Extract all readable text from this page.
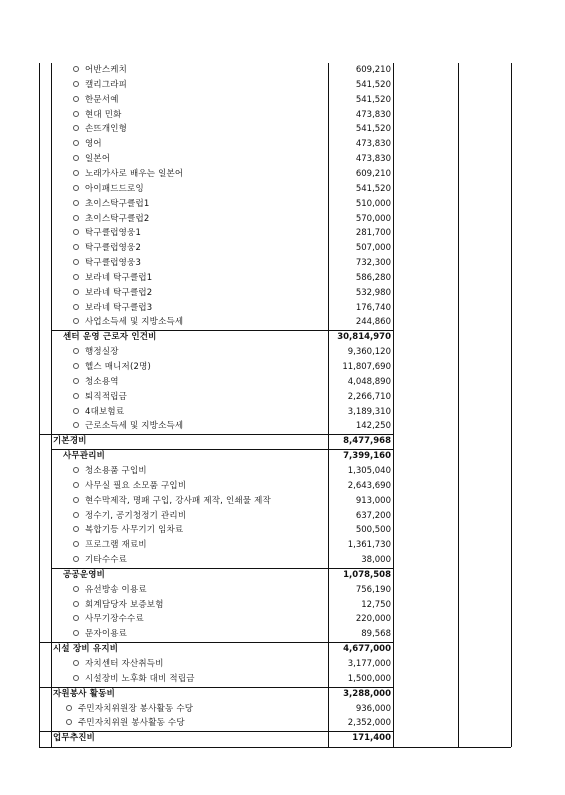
어반스케치	609,210
캘리그라피	541,520
한문서예	541,520
현대 민화	473,830
손뜨개인형	541,520
영어	473,830
일본어	473,830
노래가사로 배우는 일본어	609,210
아이패드드로잉	541,520
초이스탁구클럽1	510,000
초이스탁구클럽2	570,000
탁구클럽영웅1	281,700
탁구클럽영웅2	507,000
탁구클럽영웅3	732,300
보라네 탁구클럽1	586,280
보라네 탁구클럽2	532,980
보라네 탁구클럽3	176,740
사업소득세 및 지방소득세	244,860
센터 운영 근로자 인건비	30,814,970
행정실장	9,360,120
헬스 매니저(2명)	11,807,690
청소용역	4,048,890
퇴직적립금	2,266,710
4대보험료	3,189,310
근로소득세 및 지방소득세	142,250
기본경비	8,477,968
사무관리비	7,399,160
청소용품 구입비	1,305,040
사무실 필요 소모품 구입비	2,643,690
현수막제작, 명패 구입, 강사패 제작, 인쇄물 제작	913,000
정수기, 공기청정기 관리비	637,200
복합기등 사무기기 임차료	500,500
프로그램 재료비	1,361,730
기타수수료	38,000
공공운영비	1,078,508
유선방송 이용료	756,190
회계담당자 보증보험	12,750
사무기장수수료	220,000
문자이용료	89,568
시설 장비 유지비	4,677,000
자치센터 자산취득비	3,177,000
시설장비 노후화 대비 적립금	1,500,000
자원봉사 활동비	3,288,000
주민자치위원장 봉사활동 수당	936,000
주민자치위원 봉사활동 수당	2,352,000
업무추진비	171,400
